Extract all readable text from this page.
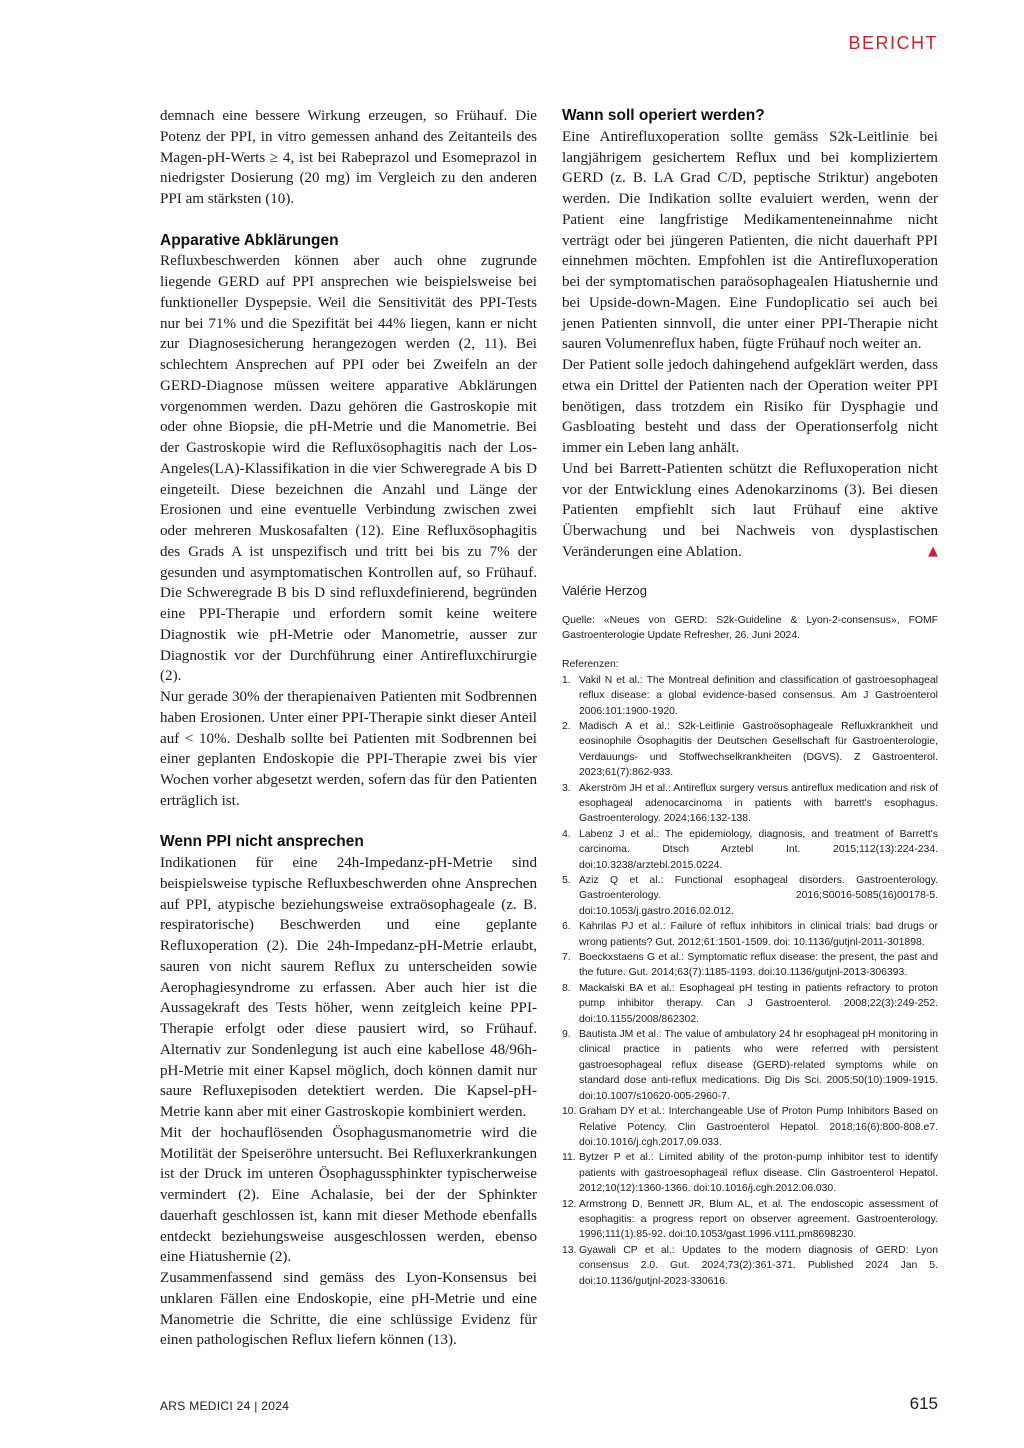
BERICHT

demnach eine bessere Wirkung erzeugen, so Frühauf. Die Potenz der PPI, in vitro gemessen anhand des Zeitanteils des Magen-pH-Werts ≥ 4, ist bei Rabeprazol und Esomeprazol in niedrigster Dosierung (20 mg) im Vergleich zu den anderen PPI am stärksten (10).

Apparative Abklärungen

Refluxbeschwerden können aber auch ohne zugrunde liegende GERD auf PPI ansprechen wie beispielsweise bei funktioneller Dyspepsie. Weil die Sensitivität des PPI-Tests nur bei 71% und die Spezifität bei 44% liegen, kann er nicht zur Diagnosesicherung herangezogen werden (2, 11). Bei schlechtem Ansprechen auf PPI oder bei Zweifeln an der GERD-Diagnose müssen weitere apparative Abklärungen vorgenommen werden. Dazu gehören die Gastroskopie mit oder ohne Biopsie, die pH-Metrie und die Manometrie. Bei der Gastroskopie wird die Refluxösophagitis nach der Los-Angeles(LA)-Klassifikation in die vier Schweregrade A bis D eingeteilt. Diese bezeichnen die Anzahl und Länge der Erosionen und eine eventuelle Verbindung zwischen zwei oder mehreren Muskosafalten (12). Eine Refluxösophagitis des Grads A ist unspezifisch und tritt bei bis zu 7% der gesunden und asymptomatischen Kontrollen auf, so Frühauf. Die Schweregrade B bis D sind refluxdefinierend, begründen eine PPI-Therapie und erfordern somit keine weitere Diagnostik wie pH-Metrie oder Manometrie, ausser zur Diagnostik vor der Durchführung einer Antirefluxchirurgie (2).

Nur gerade 30% der therapienaiven Patienten mit Sodbrennen haben Erosionen. Unter einer PPI-Therapie sinkt dieser Anteil auf < 10%. Deshalb sollte bei Patienten mit Sodbrennen bei einer geplanten Endoskopie die PPI-Therapie zwei bis vier Wochen vorher abgesetzt werden, sofern das für den Patienten erträglich ist.

Wenn PPI nicht ansprechen

Indikationen für eine 24h-Impedanz-pH-Metrie sind beispielsweise typische Refluxbeschwerden ohne Ansprechen auf PPI, atypische beziehungsweise extraösophageale (z. B. respiratorische) Beschwerden und eine geplante Refluxoperation (2). Die 24h-Impedanz-pH-Metrie erlaubt, sauren von nicht saurem Reflux zu unterscheiden sowie Aerophagiesyndrome zu erfassen. Aber auch hier ist die Aussagekraft des Tests höher, wenn zeitgleich keine PPI-Therapie erfolgt oder diese pausiert wird, so Frühauf. Alternativ zur Sondenlegung ist auch eine kabellose 48/96h-pH-Metrie mit einer Kapsel möglich, doch können damit nur saure Refluxepisoden detektiert werden. Die Kapsel-pH-Metrie kann aber mit einer Gastroskopie kombiniert werden.

Mit der hochauflösenden Ösophagusmanometrie wird die Motilität der Speiseröhre untersucht. Bei Refluxerkrankungen ist der Druck im unteren Ösophagussphinkter typischerweise vermindert (2). Eine Achalasie, bei der der Sphinkter dauerhaft geschlossen ist, kann mit dieser Methode ebenfalls entdeckt beziehungsweise ausgeschlossen werden, ebenso eine Hiatushernie (2).

Zusammenfassend sind gemäss des Lyon-Konsensus bei unklaren Fällen eine Endoskopie, eine pH-Metrie und eine Manometrie die Schritte, die eine schlüssige Evidenz für einen pathologischen Reflux liefern können (13).

Wann soll operiert werden?

Eine Antirefluxoperation sollte gemäss S2k-Leitlinie bei langjährigem gesichertem Reflux und bei kompliziertem GERD (z. B. LA Grad C/D, peptische Striktur) angeboten werden. Die Indikation sollte evaluiert werden, wenn der Patient eine langfristige Medikamenteneinnahme nicht verträgt oder bei jüngeren Patienten, die nicht dauerhaft PPI einnehmen möchten. Empfohlen ist die Antirefluxoperation bei der symptomatischen paraösophagealen Hiatushernie und bei Upside-down-Magen. Eine Fundoplicatio sei auch bei jenen Patienten sinnvoll, die unter einer PPI-Therapie nicht sauren Volumenreflux haben, fügte Frühauf noch weiter an.

Der Patient solle jedoch dahingehend aufgeklärt werden, dass etwa ein Drittel der Patienten nach der Operation weiter PPI benötigen, dass trotzdem ein Risiko für Dysphagie und Gasbloating besteht und dass der Operationserfolg nicht immer ein Leben lang anhält.

Und bei Barrett-Patienten schützt die Refluxoperation nicht vor der Entwicklung eines Adenokarzinoms (3). Bei diesen Patienten empfiehlt sich laut Frühauf eine aktive Überwachung und bei Nachweis von dysplastischen Veränderungen eine Ablation.	▲

Valérie Herzog

Quelle: «Neues von GERD: S2k-Guideline & Lyon-2-consensus», FOMF Gastroenterologie Update Refresher, 26. Juni 2024.

Referenzen:

1. Vakil N et al.: The Montreal definition and classification of gastroesophageal reflux disease: a global evidence-based consensus. Am J Gastroenterol 2006:101:1900-1920.
2. Madisch A et al.: S2k-Leitlinie Gastroösophageale Refluxkrankheit und eosinophile Ösophagitis der Deutschen Gesellschaft für Gastroenterologie, Verdauungs- und Stoffwechselkrankheiten (DGVS). Z Gastroenterol. 2023;61(7):862-933.
3. Akerström JH et al.: Antireflux surgery versus antireflux medication and risk of esophageal adenocarcinoma in patients with barrett's esophagus. Gastroenterology. 2024;166:132-138.
4. Labenz J et al.: The epidemiology, diagnosis, and treatment of Barrett's carcinoma. Dtsch Arztebl Int. 2015;112(13):224-234. doi:10.3238/arztebl.2015.0224.
5. Aziz Q et al.: Functional esophageal disorders. Gastroenterology. Gastroenterology. 2016;S0016-5085(16)00178-5. doi:10.1053/j.gastro.2016.02.012.
6. Kahrilas PJ et al.: Failure of reflux inhibitors in clinical trials: bad drugs or wrong patients? Gut. 2012;61:1501-1509. doi: 10.1136/gutjnl-2011-301898.
7. Boeckxstaens G et al.: Symptomatic reflux disease: the present, the past and the future. Gut. 2014;63(7):1185-1193. doi:10.1136/gutjnl-2013-306393.
8. Mackalski BA et al.: Esophageal pH testing in patients refractory to proton pump inhibitor therapy. Can J Gastroenterol. 2008;22(3):249-252. doi:10.1155/2008/862302.
9. Bautista JM et al.: The value of ambulatory 24 hr esophageal pH monitoring in clinical practice in patients who were referred with persistent gastroesophageal reflux disease (GERD)-related symptoms while on standard dose anti-reflux medications. Dig Dis Sci. 2005;50(10):1909-1915. doi:10.1007/s10620-005-2960-7.
10. Graham DY et al.: Interchangeable Use of Proton Pump Inhibitors Based on Relative Potency. Clin Gastroenterol Hepatol. 2018;16(6):800-808.e7. doi:10.1016/j.cgh.2017.09.033.
11. Bytzer P et al.: Limited ability of the proton-pump inhibitor test to identify patients with gastroesophageal reflux disease. Clin Gastroenterol Hepatol. 2012;10(12):1360-1366. doi:10.1016/j.cgh.2012.06.030.
12. Armstrong D, Bennett JR, Blum AL, et al. The endoscopic assessment of esophagitis: a progress report on observer agreement. Gastroenterology. 1996;111(1):85-92. doi:10.1053/gast.1996.v111.pm8698230.
13. Gyawali CP et al.: Updates to the modern diagnosis of GERD: Lyon consensus 2.0. Gut. 2024;73(2):361-371. Published 2024 Jan 5. doi:10.1136/gutjnl-2023-330616.
ARS MEDICI 24 | 2024	615
